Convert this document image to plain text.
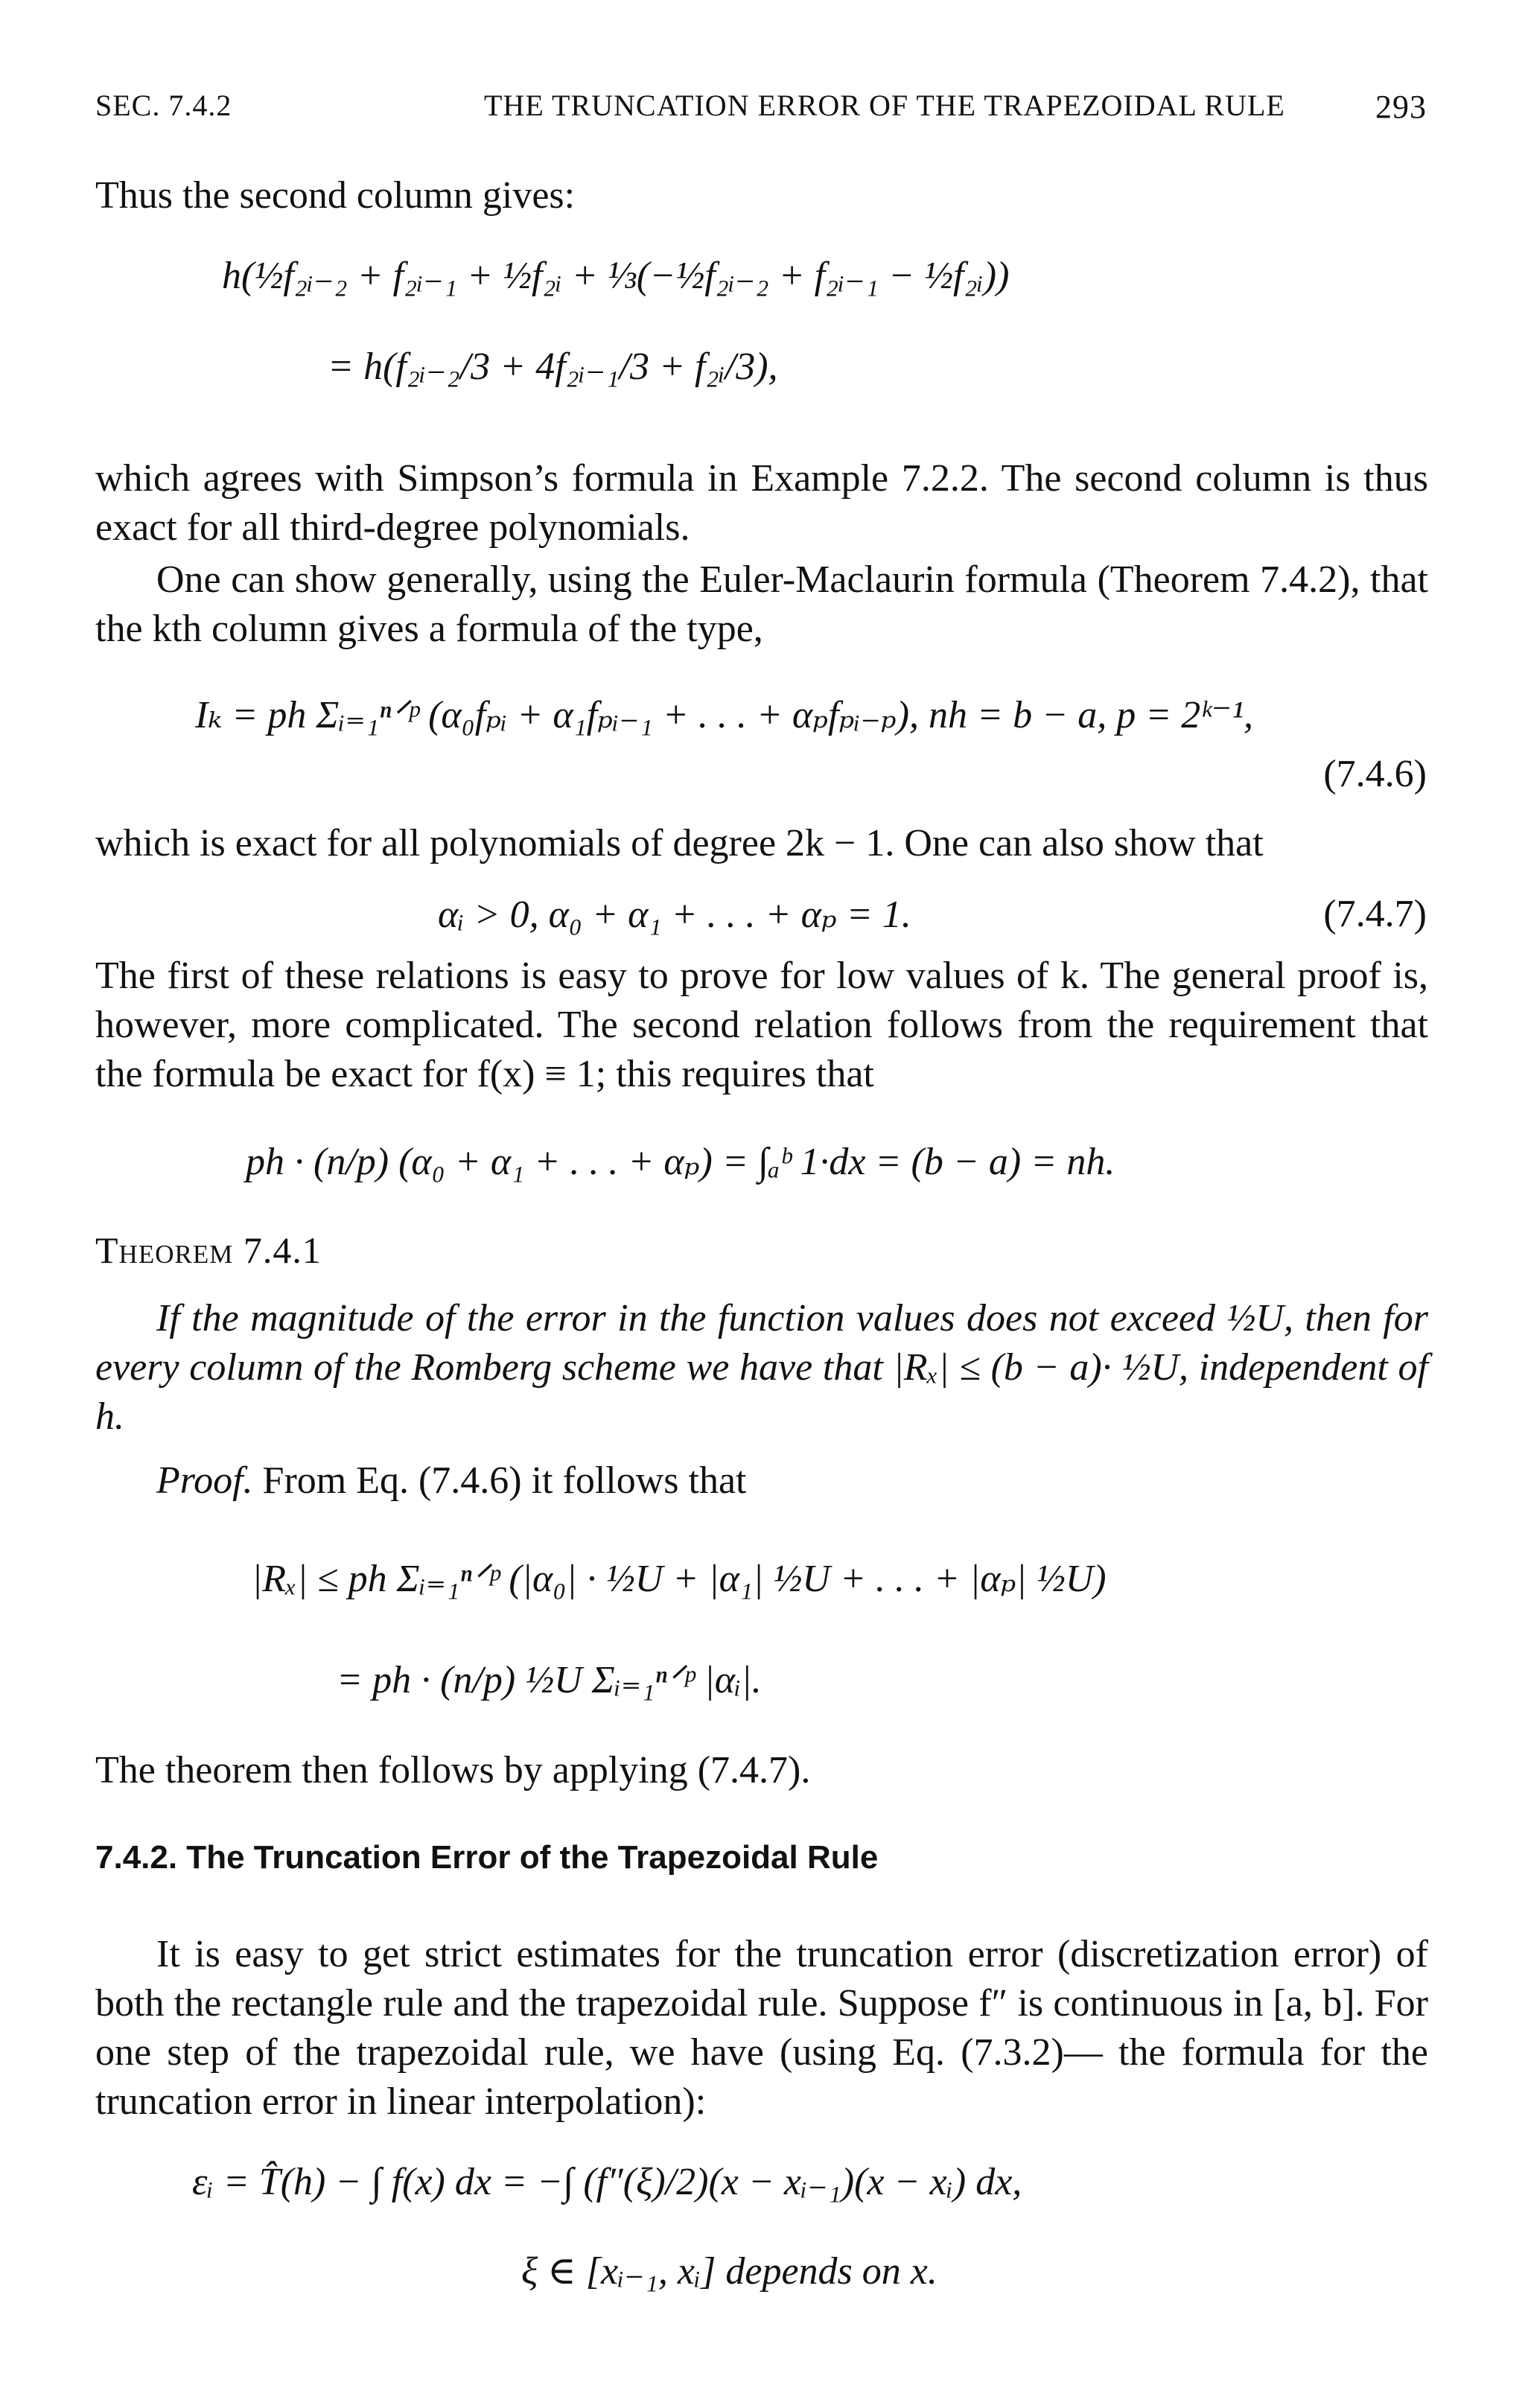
SEC. 7.4.2	THE TRUNCATION ERROR OF THE TRAPEZOIDAL RULE	293
Thus the second column gives:
h(½f₂ᵢ₋₂ + f₂ᵢ₋₁ + ½f₂ᵢ + ⅓(−½f₂ᵢ₋₂ + f₂ᵢ₋₁ − ½f₂ᵢ))
= h(f₂ᵢ₋₂/3 + 4f₂ᵢ₋₁/3 + f₂ᵢ/3),
which agrees with Simpson’s formula in Example 7.2.2. The second column is thus exact for all third-degree polynomials.
One can show generally, using the Euler-Maclaurin formula (Theorem 7.4.2), that the kth column gives a formula of the type,
Iₖ = ph Σᵢ₌₁ⁿᐟᵖ (α₀fₚᵢ + α₁fₚᵢ₋₁ + . . . + αₚfₚᵢ₋ₚ), nh = b − a, p = 2ᵏ⁻¹,
(7.4.6)
which is exact for all polynomials of degree 2k − 1. One can also show that
αᵢ > 0, α₀ + α₁ + . . . + αₚ = 1.	(7.4.7)
The first of these relations is easy to prove for low values of k. The general proof is, however, more complicated. The second relation follows from the requirement that the formula be exact for f(x) ≡ 1; this requires that
ph · (n/p) (α₀ + α₁ + . . . + αₚ) = ∫ₐᵇ 1·dx = (b − a) = nh.
Theorem 7.4.1
If the magnitude of the error in the function values does not exceed ½U, then for every column of the Romberg scheme we have that |Rₓ| ≤ (b − a)· ½U, independent of h.
Proof. From Eq. (7.4.6) it follows that
|Rₓ| ≤ ph Σᵢ₌₁ⁿᐟᵖ (|α₀| · ½U + |α₁| ½U + . . . + |αₚ| ½U)
= ph · (n/p) ½U Σᵢ₌₁ⁿᐟᵖ |αᵢ|.
The theorem then follows by applying (7.4.7).
7.4.2. The Truncation Error of the Trapezoidal Rule
It is easy to get strict estimates for the truncation error (discretization error) of both the rectangle rule and the trapezoidal rule. Suppose f″ is continuous in [a, b]. For one step of the trapezoidal rule, we have (using Eq. (7.3.2)— the formula for the truncation error in linear interpolation):
εᵢ = T̂(h) − ∫ f(x) dx = −∫ (f″(ξ)/2)(x − xᵢ₋₁)(x − xᵢ) dx,
ξ ∈ [xᵢ₋₁, xᵢ] depends on x.
